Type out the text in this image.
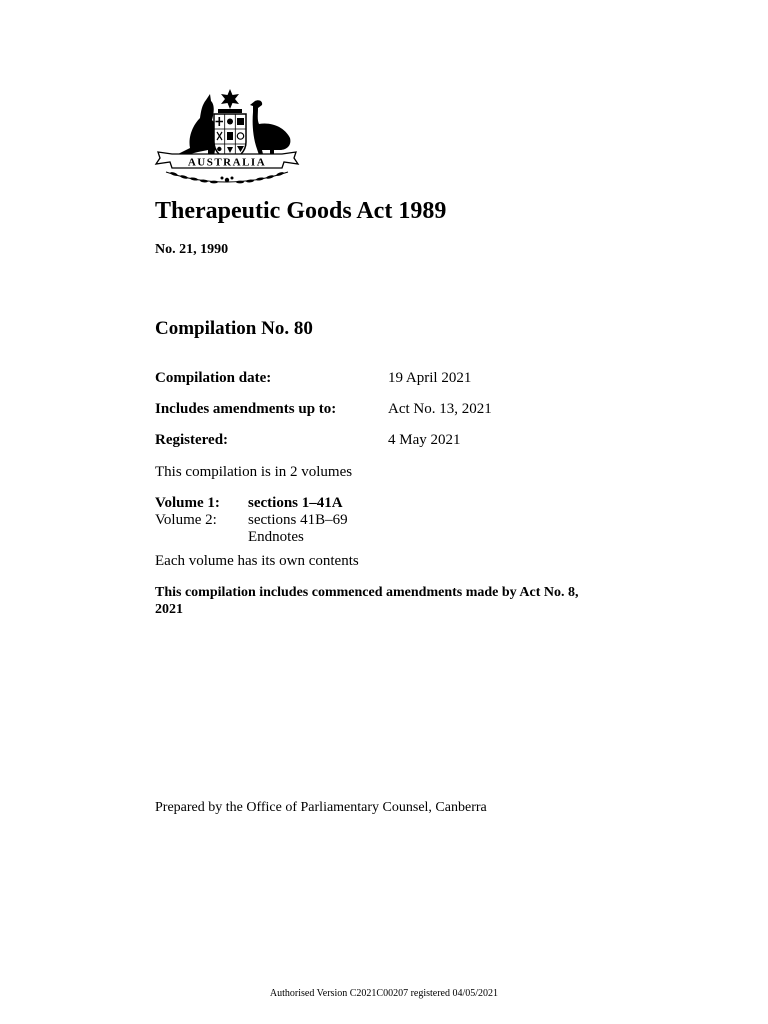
AUSTRALIA
Therapeutic Goods Act 1989
No. 21, 1990
Compilation No. 80
Compilation date:	19 April 2021
Includes amendments up to:	Act No. 13, 2021
Registered:	4 May 2021
This compilation is in 2 volumes
Volume 1: sections 1–41A
Volume 2: sections 41B–69
Endnotes
Each volume has its own contents
This compilation includes commenced amendments made by Act No. 8, 2021
Prepared by the Office of Parliamentary Counsel, Canberra
Authorised Version C2021C00207 registered 04/05/2021
